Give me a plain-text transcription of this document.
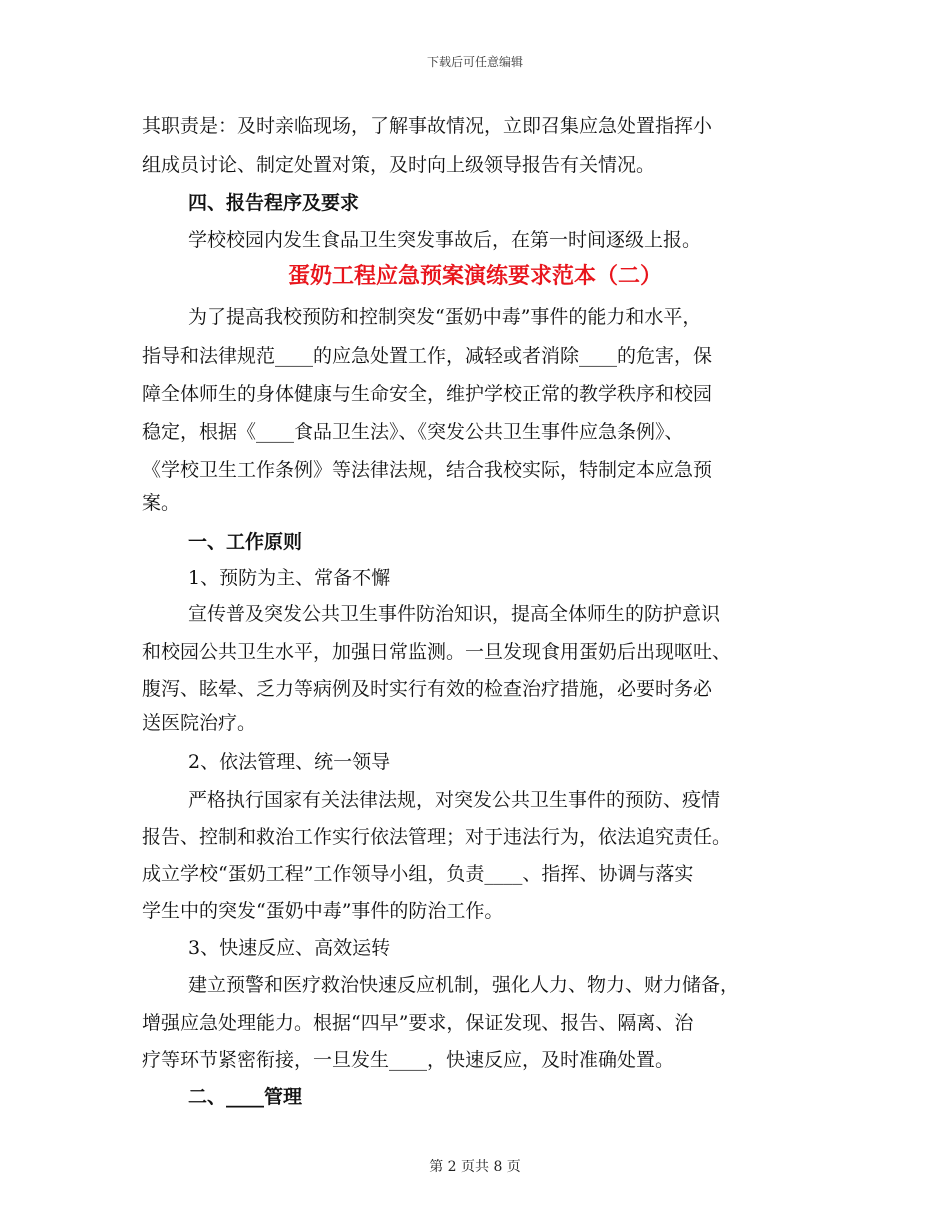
下载后可任意编辑
其职责是：及时亲临现场，了解事故情况，立即召集应急处置指挥小
组成员讨论、制定处置对策，及时向上级领导报告有关情况。
四、报告程序及要求
学校校园内发生食品卫生突发事故后，在第一时间逐级上报。
蛋奶工程应急预案演练要求范本（二）
为了提高我校预防和控制突发“蛋奶中毒”事件的能力和水平，
指导和法律规范____的应急处置工作，减轻或者消除____的危害，保
障全体师生的身体健康与生命安全，维护学校正常的教学秩序和校园
稳定，根据《____食品卫生法》、《突发公共卫生事件应急条例》、
《学校卫生工作条例》等法律法规，结合我校实际，特制定本应急预
案。
一、工作原则
1、预防为主、常备不懈
宣传普及突发公共卫生事件防治知识，提高全体师生的防护意识
和校园公共卫生水平，加强日常监测。一旦发现食用蛋奶后出现呕吐、
腹泻、眩晕、乏力等病例及时实行有效的检查治疗措施，必要时务必
送医院治疗。
2、依法管理、统一领导
严格执行国家有关法律法规，对突发公共卫生事件的预防、疫情
报告、控制和救治工作实行依法管理；对于违法行为，依法追究责任。
成立学校“蛋奶工程”工作领导小组，负责____、指挥、协调与落实
学生中的突发“蛋奶中毒”事件的防治工作。
3、快速反应、高效运转
建立预警和医疗救治快速反应机制，强化人力、物力、财力储备，
增强应急处理能力。根据“四早”要求，保证发现、报告、隔离、治
疗等环节紧密衔接，一旦发生____，快速反应，及时准确处置。
二、____管理
第 2 页共 8 页
